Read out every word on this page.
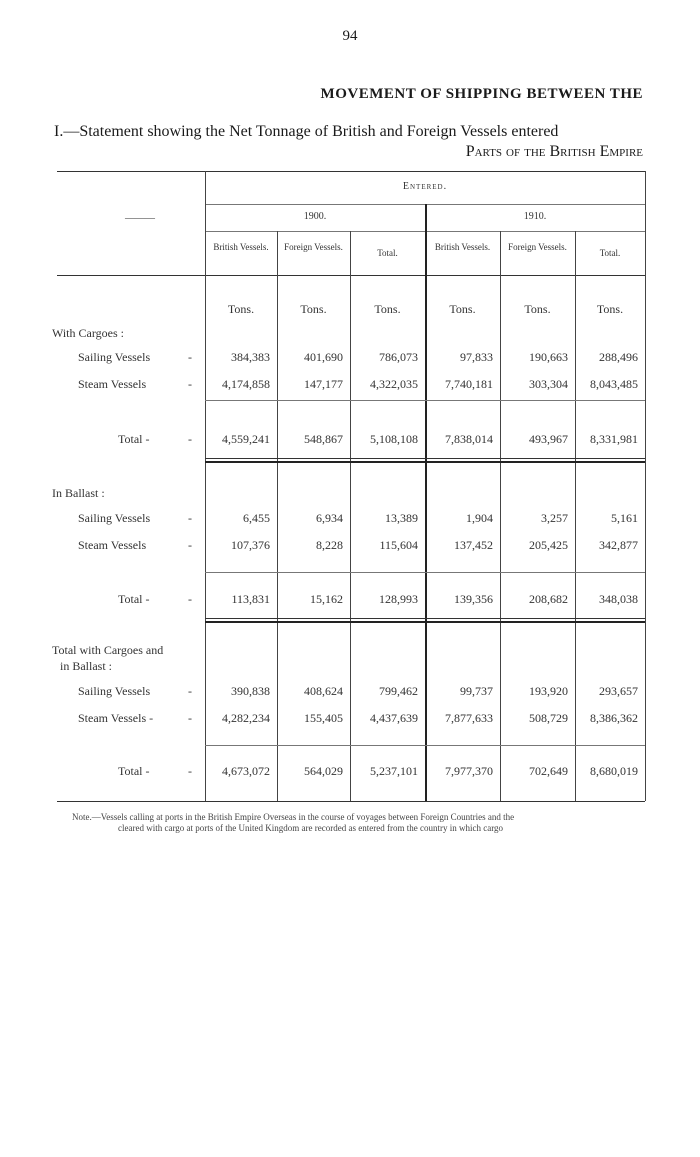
94
MOVEMENT OF SHIPPING BETWEEN THE
I.—Statement showing the Net Tonnage of British and Foreign Vessels entered
Parts of the British Empire
———
Entered.
1900.	1910.
British Vessels.	Foreign Vessels.
Total.
British Vessels.	Foreign Vessels.
Total.
Tons.	Tons.	Tons.	Tons.	Tons.	Tons.
With Cargoes :
Sailing Vessels	-	384,383	401,690	786,073	97,833	190,663	288,496
Steam Vessels	-	4,174,858	147,177	4,322,035	7,740,181	303,304	8,043,485
Total -	-	4,559,241	548,867	5,108,108	7,838,014	493,967	8,331,981
In Ballast :
Sailing Vessels	-	6,455	6,934	13,389	1,904	3,257	5,161
Steam Vessels	-	107,376	8,228	115,604	137,452	205,425	342,877
Total -	-	113,831	15,162	128,993	139,356	208,682	348,038
Total with Cargoes and
in Ballast :
Sailing Vessels	-	390,838	408,624	799,462	99,737	193,920	293,657
Steam Vessels -	-	4,282,234	155,405	4,437,639	7,877,633	508,729	8,386,362
Total -	-	4,673,072	564,029	5,237,101	7,977,370	702,649	8,680,019
Note.—Vessels calling at ports in the British Empire Overseas in the course of voyages between Foreign Countries and the
cleared with cargo at ports of the United Kingdom are recorded as entered from the country in which cargo
